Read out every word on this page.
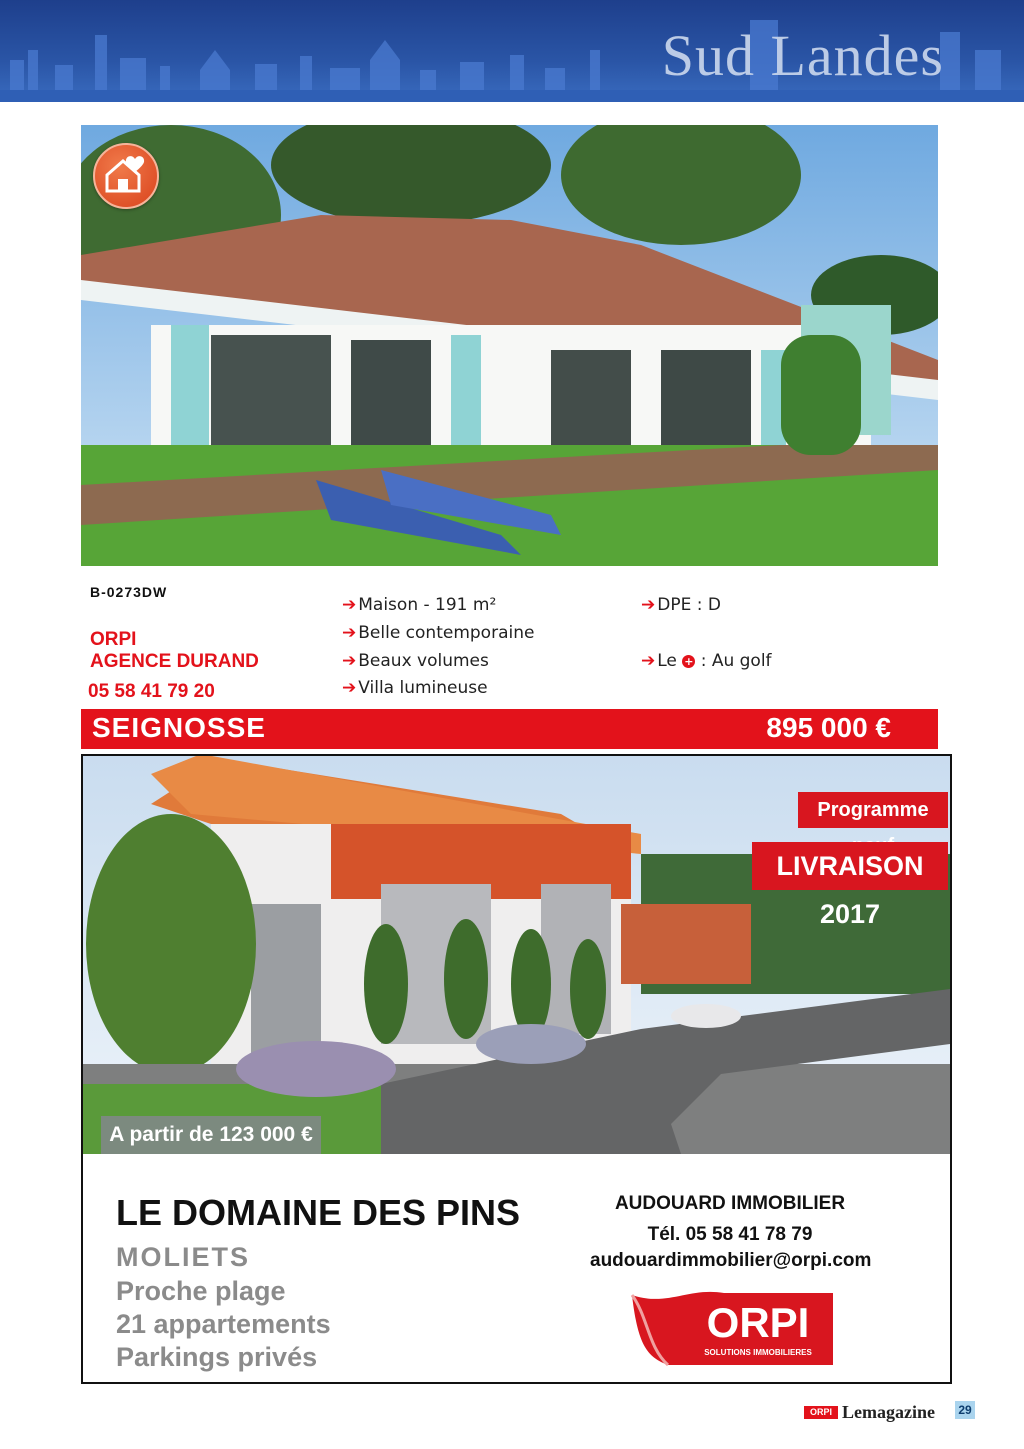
Sud Landes
B-0273DW
ORPI
AGENCE DURAND
05 58 41 79 20
➔ Maison - 191 m²
➔ Belle contemporaine
➔ Beaux volumes
➔ Villa lumineuse
➔ DPE : D
➔ Le + : Au golf
SEIGNOSSE	895 000 €
Programme
LIVRAISON 2017
A partir de 123 000 €
LE DOMAINE DES PINS
MOLIETS
Proche plage
21 appartements
Parkings privés
AUDOUARD IMMOBILIER
Tél. 05 58 41 78 79
audouardimmobilier@orpi.com
ORPI
SOLUTIONS IMMOBILIERES
ORPI Lemagazine 29
